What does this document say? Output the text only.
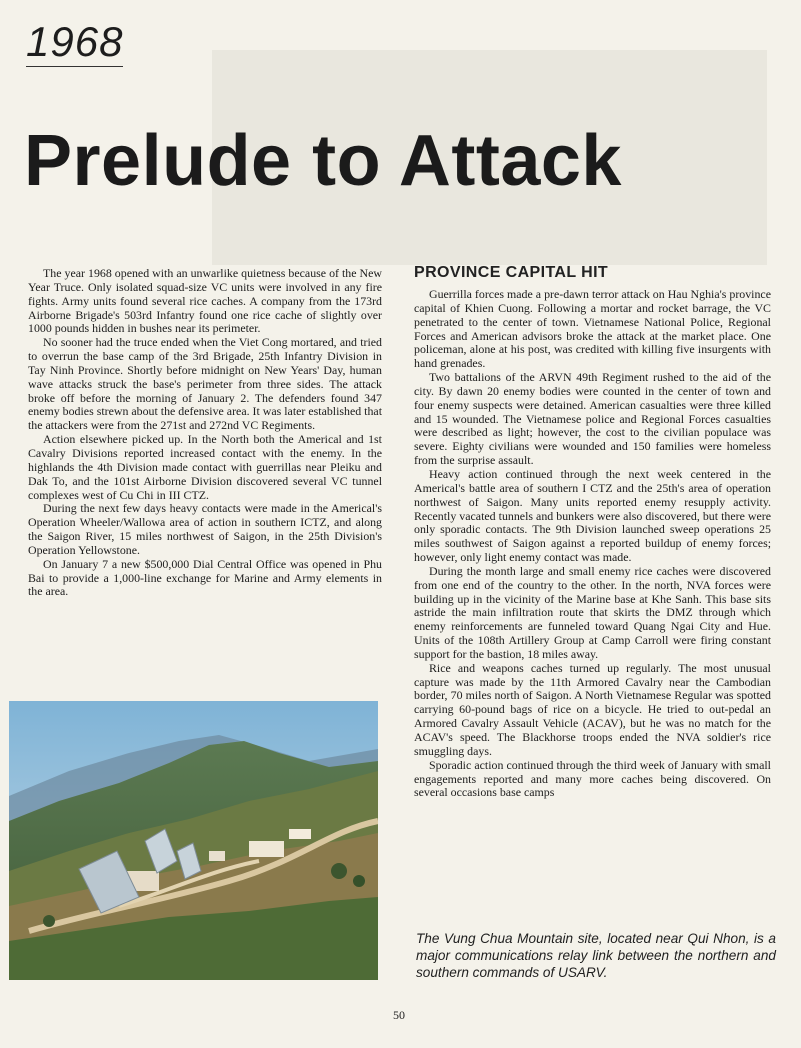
1968
Prelude to Attack

The year 1968 opened with an unwarlike quietness because of the New Year Truce. Only isolated squad-size VC units were involved in any fire fights. Army units found several rice caches. A company from the 173rd Airborne Brigade's 503rd Infantry found one rice cache of slightly over 1000 pounds hidden in bushes near its perimeter.

No sooner had the truce ended when the Viet Cong mortared, and tried to overrun the base camp of the 3rd Brigade, 25th Infantry Division in Tay Ninh Province. Shortly before midnight on New Years' Day, human wave attacks struck the base's perimeter from three sides. The attack broke off before the morning of January 2. The defenders found 347 enemy bodies strewn about the defensive area. It was later established that the attackers were from the 271st and 272nd VC Regiments.

Action elsewhere picked up. In the North both the Americal and 1st Cavalry Divisions reported increased contact with the enemy. In the highlands the 4th Division made contact with guerrillas near Pleiku and Dak To, and the 101st Airborne Division discovered several VC tunnel complexes west of Cu Chi in III CTZ.

During the next few days heavy contacts were made in the Americal's Operation Wheeler/Wallowa area of action in southern ICTZ, and along the Saigon River, 15 miles northwest of Saigon, in the 25th Division's Operation Yellowstone.

On January 7 a new $500,000 Dial Central Office was opened in Phu Bai to provide a 1,000-line exchange for Marine and Army elements in the area.

PROVINCE CAPITAL HIT

Guerrilla forces made a pre-dawn terror attack on Hau Nghia's province capital of Khien Cuong. Following a mortar and rocket barrage, the VC penetrated to the center of town. Vietnamese National Police, Regional Forces and American advisors broke the attack at the market place. One policeman, alone at his post, was credited with killing five insurgents with hand grenades.

Two battalions of the ARVN 49th Regiment rushed to the aid of the city. By dawn 20 enemy bodies were counted in the center of town and four enemy suspects were detained. American casualties were three killed and 15 wounded. The Vietnamese police and Regional Forces casualties were described as light; however, the cost to the civilian populace was severe. Eighty civilians were wounded and 150 families were homeless from the surprise assault.

Heavy action continued through the next week centered in the Americal's battle area of southern I CTZ and the 25th's area of operation northwest of Saigon. Many units reported enemy resupply activity. Recently vacated tunnels and bunkers were also discovered, but there were only sporadic contacts. The 9th Division launched sweep operations 25 miles southwest of Saigon against a reported buildup of enemy forces; however, only light enemy contact was made.

During the month large and small enemy rice caches were discovered from one end of the country to the other. In the north, NVA forces were building up in the vicinity of the Marine base at Khe Sanh. This base sits astride the main infiltration route that skirts the DMZ through which enemy reinforcements are funneled toward Quang Ngai City and Hue. Units of the 108th Artillery Group at Camp Carroll were firing constant support for the bastion, 18 miles away.

Rice and weapons caches turned up regularly. The most unusual capture was made by the 11th Armored Cavalry near the Cambodian border, 70 miles north of Saigon. A North Vietnamese Regular was spotted carrying 60-pound bags of rice on a bicycle. He tried to out-pedal an Armored Cavalry Assault Vehicle (ACAV), but he was no match for the ACAV's speed. The Blackhorse troops ended the NVA soldier's rice smuggling days.

Sporadic action continued through the third week of January with small engagements reported and many more caches being discovered. On several occasions base camps

The Vung Chua Mountain site, located near Qui Nhon, is a major communications relay link between the northern and southern commands of USARV.

50
